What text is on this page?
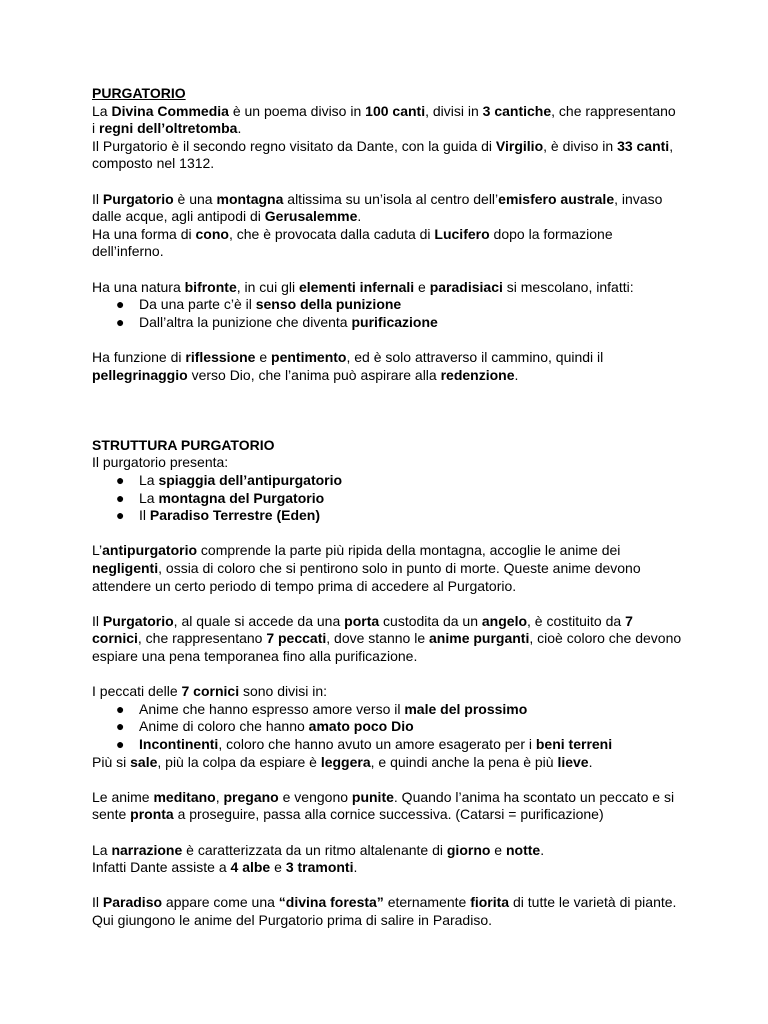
PURGATORIO

La Divina Commedia è un poema diviso in 100 canti, divisi in 3 cantiche, che rappresentano i regni dell’oltretomba.

Il Purgatorio è il secondo regno visitato da Dante, con la guida di Virgilio, è diviso in 33 canti, composto nel 1312.

Il Purgatorio è una montagna altissima su un’isola al centro dell’emisfero australe, invaso dalle acque, agli antipodi di Gerusalemme.

Ha una forma di cono, che è provocata dalla caduta di Lucifero dopo la formazione dell’inferno.

Ha una natura bifronte, in cui gli elementi infernali e paradisiaci si mescolano, infatti:

● Da una parte c’è il senso della punizione
● Dall’altra la punizione che diventa purificazione

Ha funzione di riflessione e pentimento, ed è solo attraverso il cammino, quindi il pellegrinaggio verso Dio, che l’anima può aspirare alla redenzione.

STRUTTURA PURGATORIO

Il purgatorio presenta:

● La spiaggia dell’antipurgatorio
● La montagna del Purgatorio
● Il Paradiso Terrestre (Eden)

L’antipurgatorio comprende la parte più ripida della montagna, accoglie le anime dei negligenti, ossia di coloro che si pentirono solo in punto di morte. Queste anime devono attendere un certo periodo di tempo prima di accedere al Purgatorio.

Il Purgatorio, al quale si accede da una porta custodita da un angelo, è costituito da 7 cornici, che rappresentano 7 peccati, dove stanno le anime purganti, cioè coloro che devono espiare una pena temporanea fino alla purificazione.

I peccati delle 7 cornici sono divisi in:

● Anime che hanno espresso amore verso il male del prossimo
● Anime di coloro che hanno amato poco Dio
● Incontinenti, coloro che hanno avuto un amore esagerato per i beni terreni

Più si sale, più la colpa da espiare è leggera, e quindi anche la pena è più lieve.

Le anime meditano, pregano e vengono punite. Quando l’anima ha scontato un peccato e si sente pronta a proseguire, passa alla cornice successiva. (Catarsi = purificazione)

La narrazione è caratterizzata da un ritmo altalenante di giorno e notte.

Infatti Dante assiste a 4 albe e 3 tramonti.

Il Paradiso appare come una “divina foresta” eternamente fiorita di tutte le varietà di piante. Qui giungono le anime del Purgatorio prima di salire in Paradiso.
